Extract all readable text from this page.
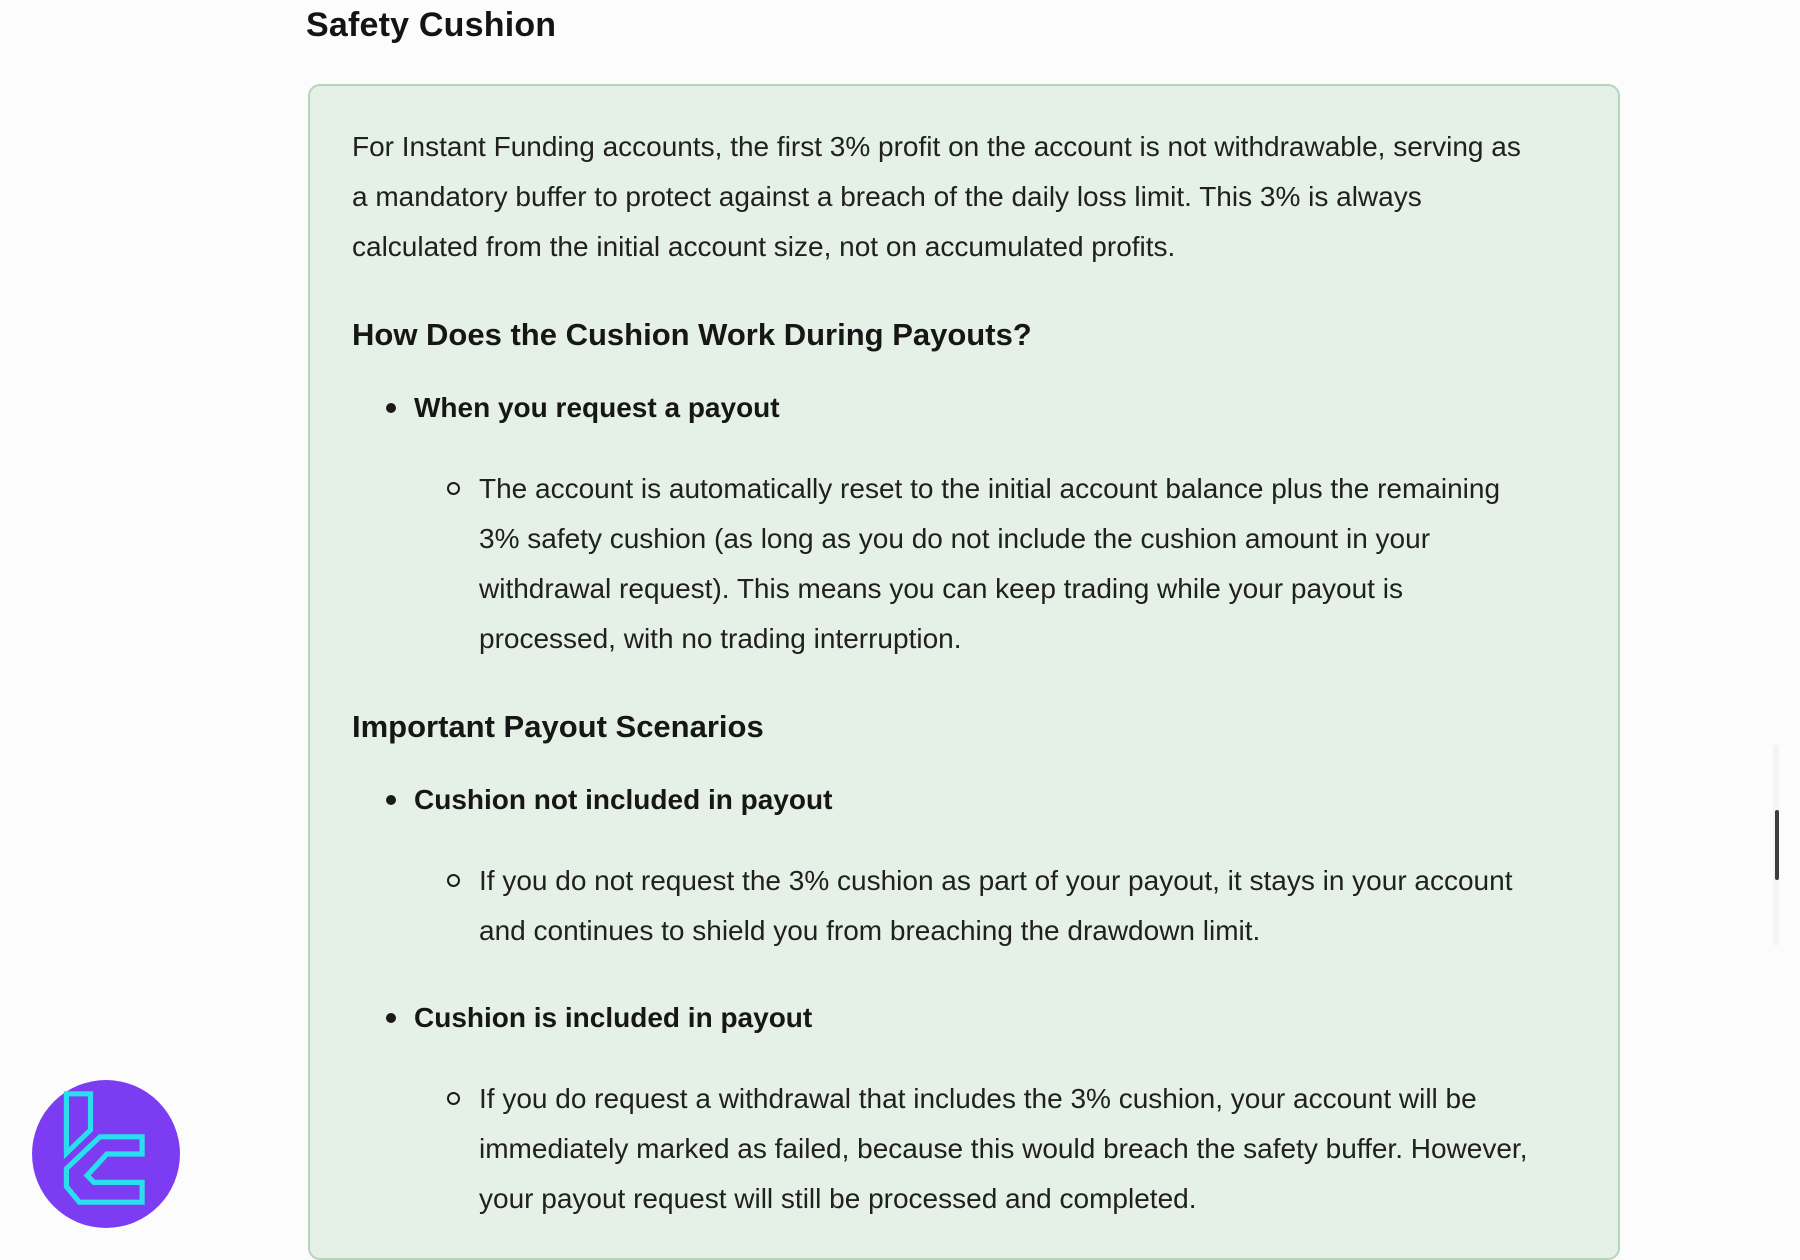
Safety Cushion

For Instant Funding accounts, the first 3% profit on the account is not withdrawable, serving as a mandatory buffer to protect against a breach of the daily loss limit. This 3% is always calculated from the initial account size, not on accumulated profits.

How Does the Cushion Work During Payouts?
When you request a payout
The account is automatically reset to the initial account balance plus the remaining 3% safety cushion (as long as you do not include the cushion amount in your withdrawal request). This means you can keep trading while your payout is processed, with no trading interruption.
Important Payout Scenarios
Cushion not included in payout
If you do not request the 3% cushion as part of your payout, it stays in your account and continues to shield you from breaching the drawdown limit.
Cushion is included in payout
If you do request a withdrawal that includes the 3% cushion, your account will be immediately marked as failed, because this would breach the safety buffer. However, your payout request will still be processed and completed.
